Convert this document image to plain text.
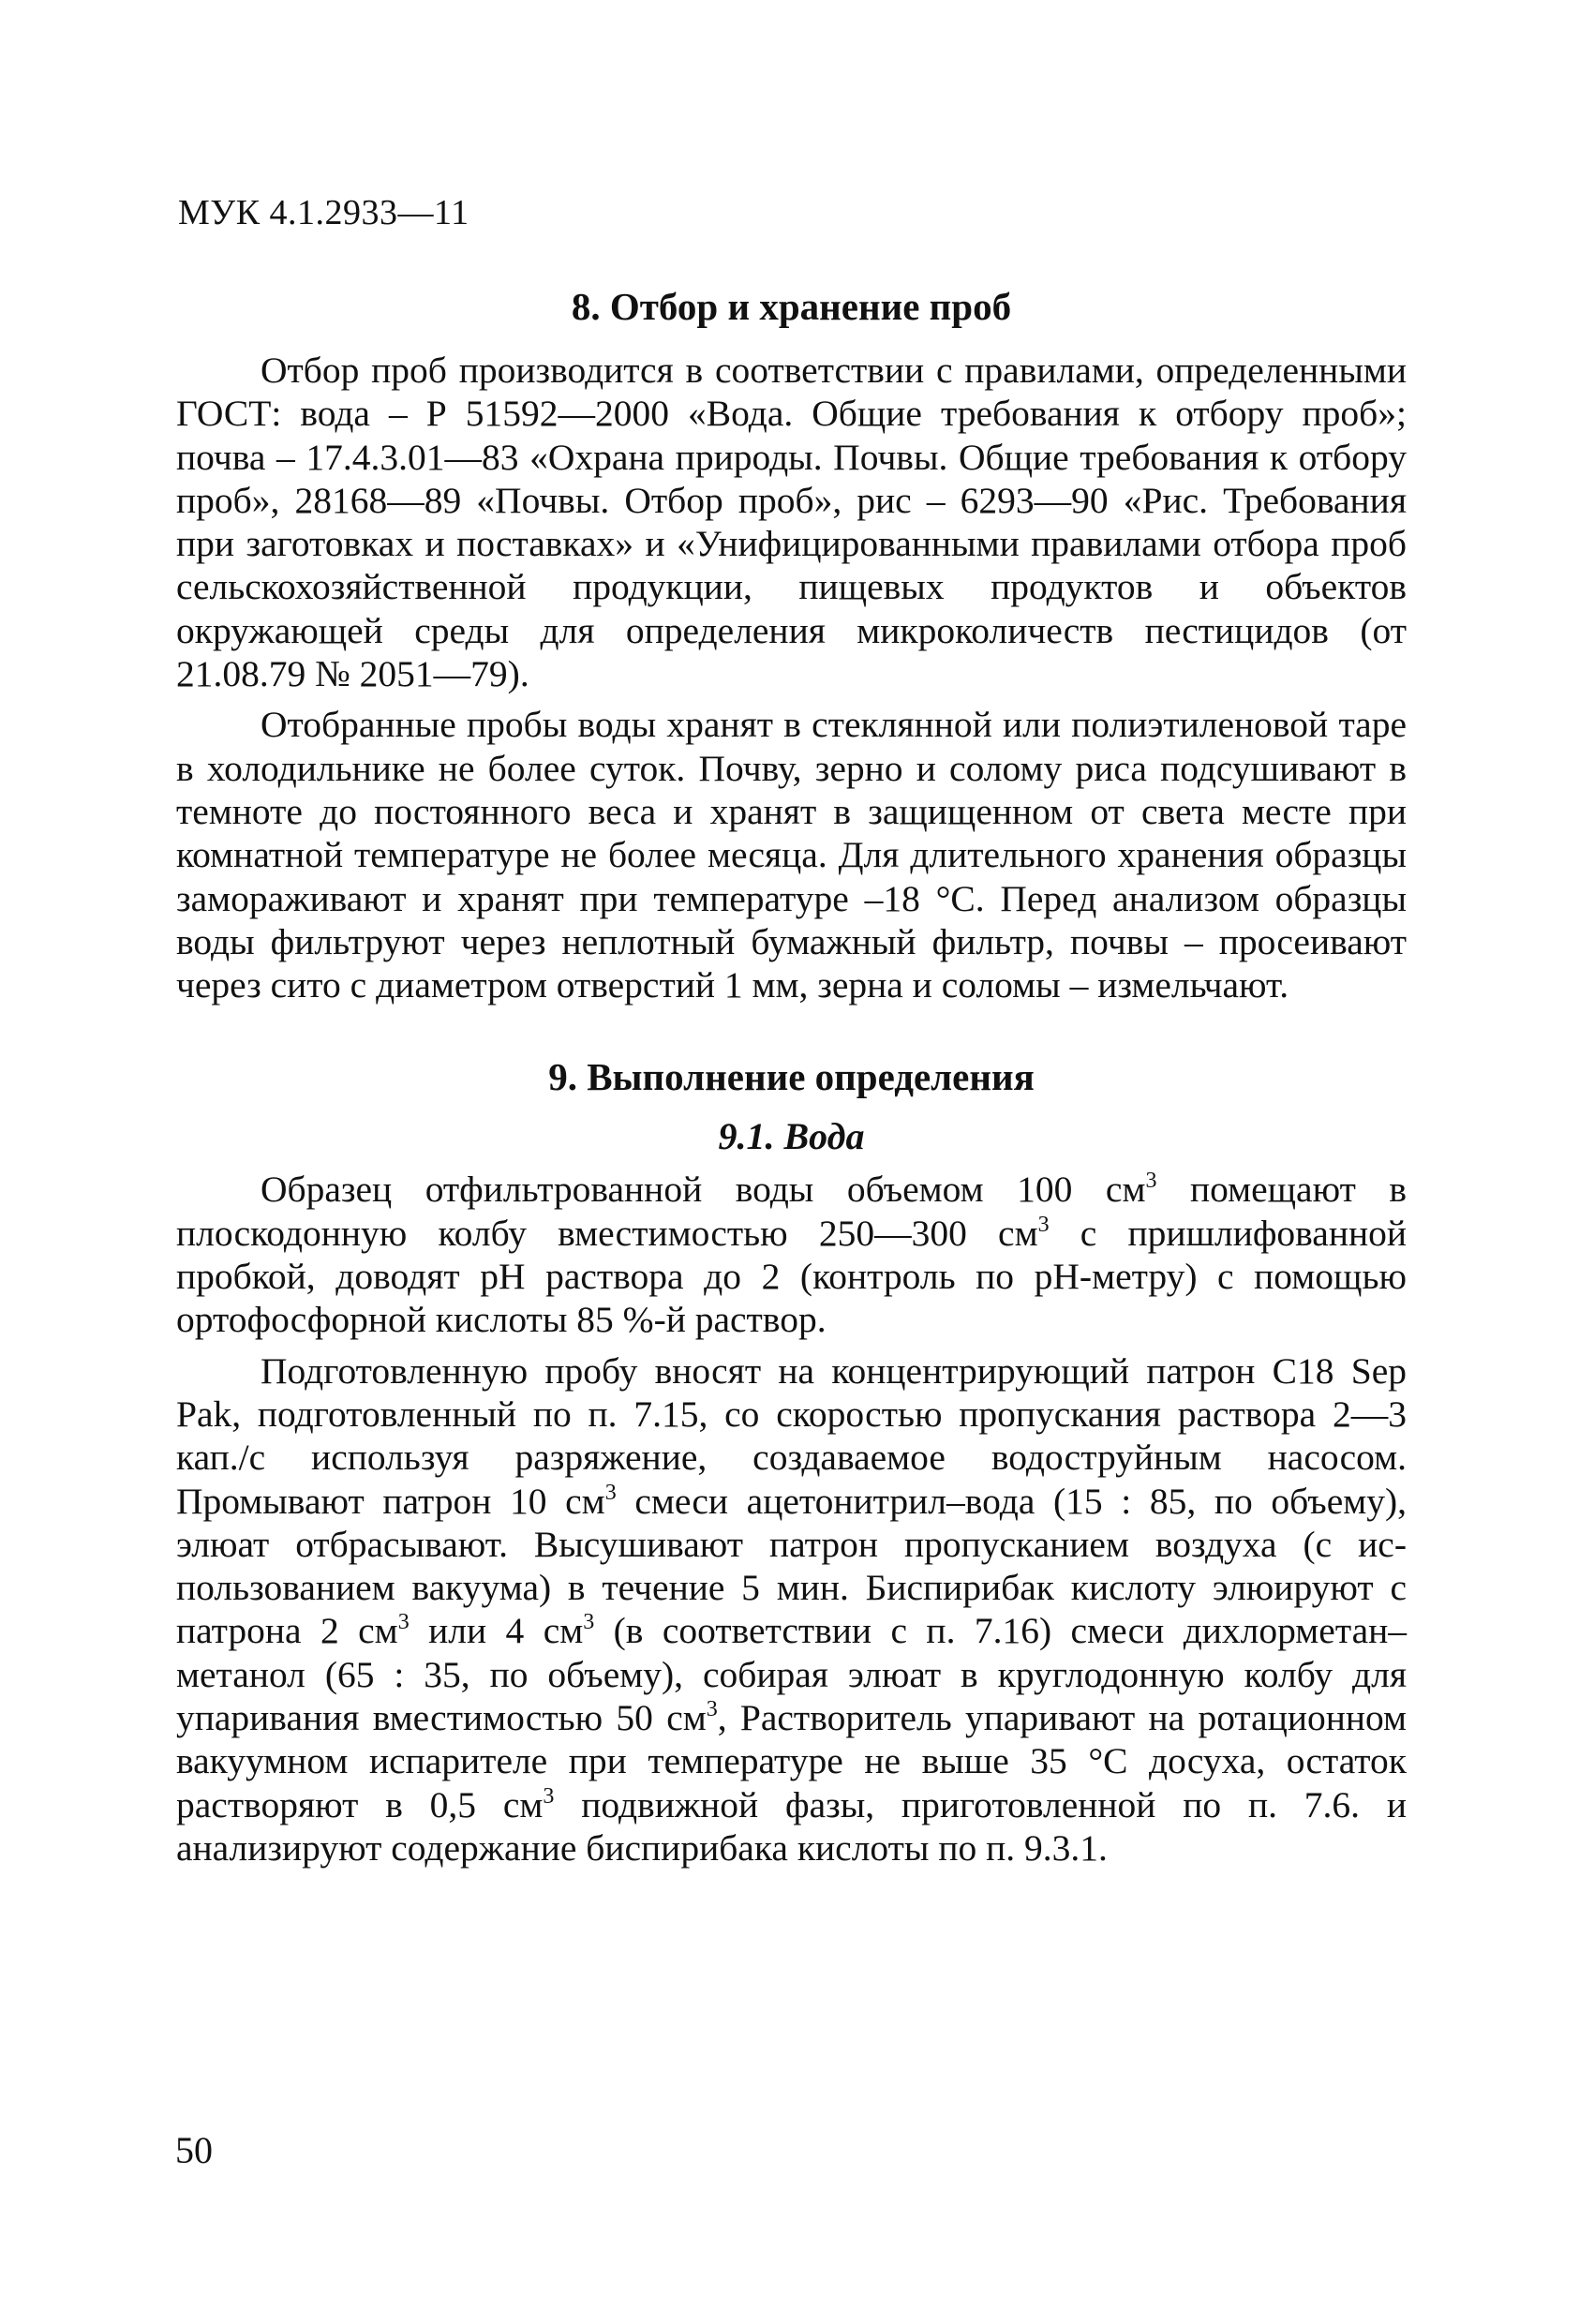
МУК 4.1.2933—11
8. Отбор и хранение проб

Отбор проб производится в соответствии с правилами, определенными ГОСТ: вода – Р 51592—2000 «Вода. Общие требования к отбору проб»; почва – 17.4.3.01—83 «Охрана природы. Почвы. Общие требования к отбору проб», 28168—89 «Почвы. Отбор проб», рис – 6293—90 «Рис. Требования при заготовках и поставках» и «Унифицированными правилами отбора проб сельскохозяйственной продукции, пищевых продуктов и объектов окружающей среды для определения микроколичеств пестицидов (от 21.08.79 № 2051—79).

Отобранные пробы воды хранят в стеклянной или полиэтиленовой таре в холодильнике не более суток. Почву, зерно и солому риса подсушивают в темноте до постоянного веса и хранят в защищенном от света месте при комнатной температуре не более месяца. Для длительного хранения образцы замораживают и хранят при температуре –18 °С. Перед анализом образцы воды фильтруют через неплотный бумажный фильтр, почвы – просеивают через сито с диаметром отверстий 1 мм, зерна и соломы – измельчают.

9. Выполнение определения
9.1. Вода

Образец отфильтрованной воды объемом 100 $см^3$ помещают в плоскодонную колбу вместимостью 250—300 $см^3$ с пришлифованной пробкой, доводят рН раствора до 2 (контроль по рН-метру) с помощью ортофосфорной кислоты 85 %-й раствор.

Подготовленную пробу вносят на концентрирующий патрон С18 Sep Pak, подготовленный по п. 7.15, со скоростью пропускания раствора 2—3 кап./с используя разряжение, создаваемое водоструйным насосом. Промывают патрон 10 $см^3$ смеси ацетонитрил–вода (15 : 85, по объему), элюат отбрасывают. Высушивают патрон пропусканием воздуха (с использованием вакуума) в течение 5 мин. Биспирибак кислоту элюируют с патрона 2 $см^3$ или 4 $см^3$ (в соответствии с п. 7.16) смеси дихлорметан–метанол (65 : 35, по объему), собирая элюат в круглодонную колбу для упаривания вместимостью 50 $см^3$, Растворитель упаривают на ротационном вакуумном испарителе при температуре не выше 35 °С досуха, остаток растворяют в 0,5 $см^3$ подвижной фазы, приготовленной по п. 7.6. и анализируют содержание биспирибака кислоты по п. 9.3.1.

50
